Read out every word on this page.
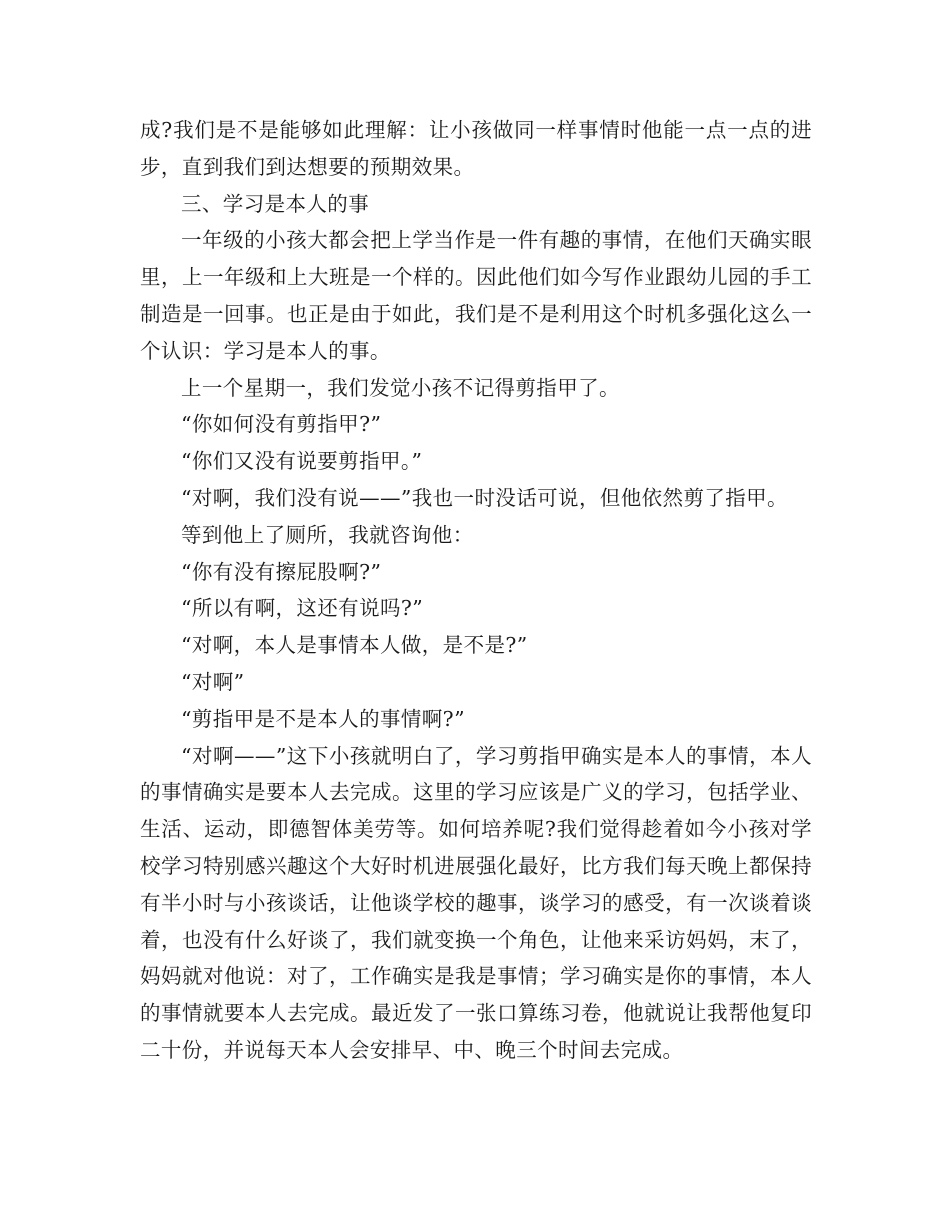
成?我们是不是能够如此理解：让小孩做同一样事情时他能一点一点的进步，直到我们到达想要的预期效果。

三、学习是本人的事

一年级的小孩大都会把上学当作是一件有趣的事情，在他们天确实眼里，上一年级和上大班是一个样的。因此他们如今写作业跟幼儿园的手工制造是一回事。也正是由于如此，我们是不是利用这个时机多强化这么一个认识：学习是本人的事。

上一个星期一，我们发觉小孩不记得剪指甲了。

“你如何没有剪指甲?”

“你们又没有说要剪指甲。”

“对啊，我们没有说——”我也一时没话可说，但他依然剪了指甲。

等到他上了厕所，我就咨询他：

“你有没有擦屁股啊?”

“所以有啊，这还有说吗?”

“对啊，本人是事情本人做，是不是?”

“对啊”

“剪指甲是不是本人的事情啊?”

“对啊——”这下小孩就明白了，学习剪指甲确实是本人的事情，本人的事情确实是要本人去完成。这里的学习应该是广义的学习，包括学业、生活、运动，即德智体美劳等。如何培养呢?我们觉得趁着如今小孩对学校学习特别感兴趣这个大好时机进展强化最好，比方我们每天晚上都保持有半小时与小孩谈话，让他谈学校的趣事，谈学习的感受，有一次谈着谈着，也没有什么好谈了，我们就变换一个角色，让他来采访妈妈，末了，妈妈就对他说：对了，工作确实是我是事情；学习确实是你的事情，本人的事情就要本人去完成。最近发了一张口算练习卷，他就说让我帮他复印二十份，并说每天本人会安排早、中、晚三个时间去完成。
